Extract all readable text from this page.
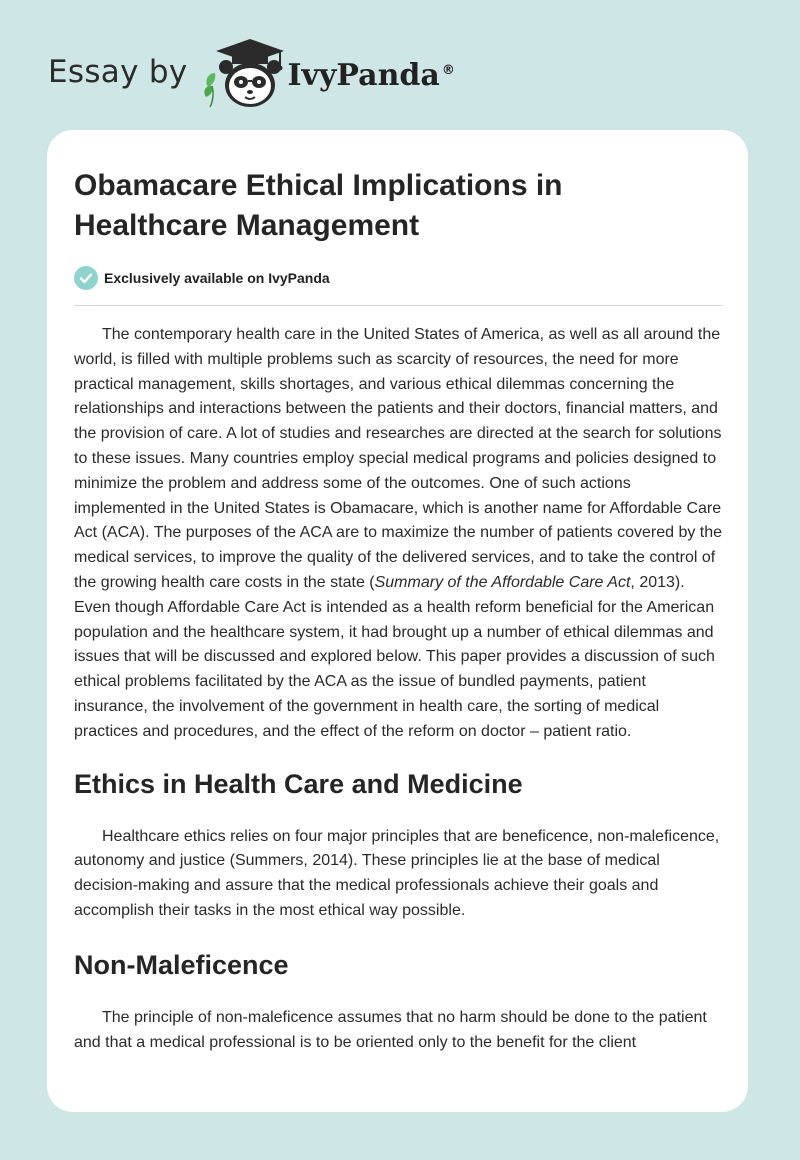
Essay by	IvyPanda ®
Obamacare Ethical Implications in Healthcare Management
Exclusively available on IvyPanda

The contemporary health care in the United States of America, as well as all around the world, is filled with multiple problems such as scarcity of resources, the need for more practical management, skills shortages, and various ethical dilemmas concerning the relationships and interactions between the patients and their doctors, financial matters, and the provision of care. A lot of studies and researches are directed at the search for solutions to these issues. Many countries employ special medical programs and policies designed to minimize the problem and address some of the outcomes. One of such actions implemented in the United States is Obamacare, which is another name for Affordable Care Act (ACA). The purposes of the ACA are to maximize the number of patients covered by the medical services, to improve the quality of the delivered services, and to take the control of the growing health care costs in the state (Summary of the Affordable Care Act, 2013). Even though Affordable Care Act is intended as a health reform beneficial for the American population and the healthcare system, it had brought up a number of ethical dilemmas and issues that will be discussed and explored below. This paper provides a discussion of such ethical problems facilitated by the ACA as the issue of bundled payments, patient insurance, the involvement of the government in health care, the sorting of medical practices and procedures, and the effect of the reform on doctor – patient ratio.

Ethics in Health Care and Medicine

Healthcare ethics relies on four major principles that are beneficence, non-maleficence, autonomy and justice (Summers, 2014). These principles lie at the base of medical decision-making and assure that the medical professionals achieve their goals and accomplish their tasks in the most ethical way possible.

Non-Maleficence

The principle of non-maleficence assumes that no harm should be done to the patient and that a medical professional is to be oriented only to the benefit for the client
